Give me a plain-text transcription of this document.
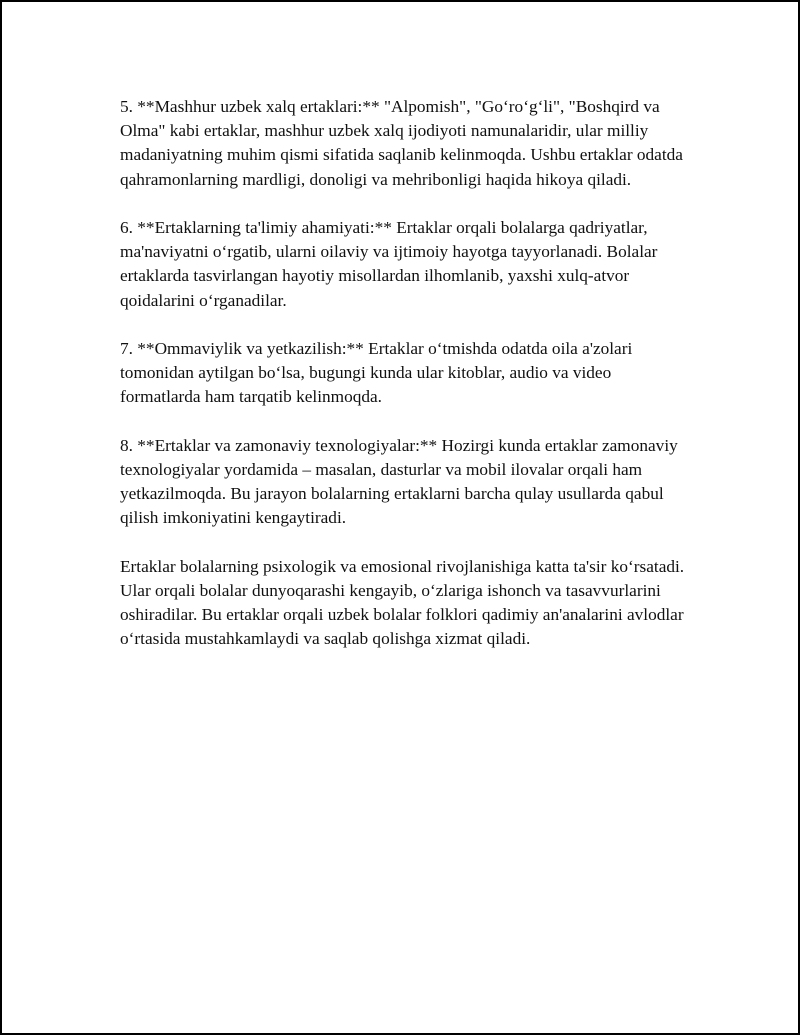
5. **Mashhur uzbek xalq ertaklari:** "Alpomish", "Go‘ro‘g‘li", "Boshqird va Olma" kabi ertaklar, mashhur uzbek xalq ijodiyoti namunalaridir, ular milliy madaniyatning muhim qismi sifatida saqlanib kelinmoqda. Ushbu ertaklar odatda qahramonlarning mardligi, donoligi va mehribonligi haqida hikoya qiladi.

6. **Ertaklarning ta'limiy ahamiyati:** Ertaklar orqali bolalarga qadriyatlar, ma'naviyatni o‘rgatib, ularni oilaviy va ijtimoiy hayotga tayyorlanadi. Bolalar ertaklarda tasvirlangan hayotiy misollardan ilhomlanib, yaxshi xulq-atvor qoidalarini o‘rganadilar.

7. **Ommaviylik va yetkazilish:** Ertaklar o‘tmishda odatda oila a'zolari tomonidan aytilgan bo‘lsa, bugungi kunda ular kitoblar, audio va video formatlarda ham tarqatib kelinmoqda.

8. **Ertaklar va zamonaviy texnologiyalar:** Hozirgi kunda ertaklar zamonaviy texnologiyalar yordamida – masalan, dasturlar va mobil ilovalar orqali ham yetkazilmoqda. Bu jarayon bolalarning ertaklarni barcha qulay usullarda qabul qilish imkoniyatini kengaytiradi.

Ertaklar bolalarning psixologik va emosional rivojlanishiga katta ta'sir ko‘rsatadi. Ular orqali bolalar dunyoqarashi kengayib, o‘zlariga ishonch va tasavvurlarini oshiradilar. Bu ertaklar orqali uzbek bolalar folklori qadimiy an'analarini avlodlar o‘rtasida mustahkamlaydi va saqlab qolishga xizmat qiladi.
